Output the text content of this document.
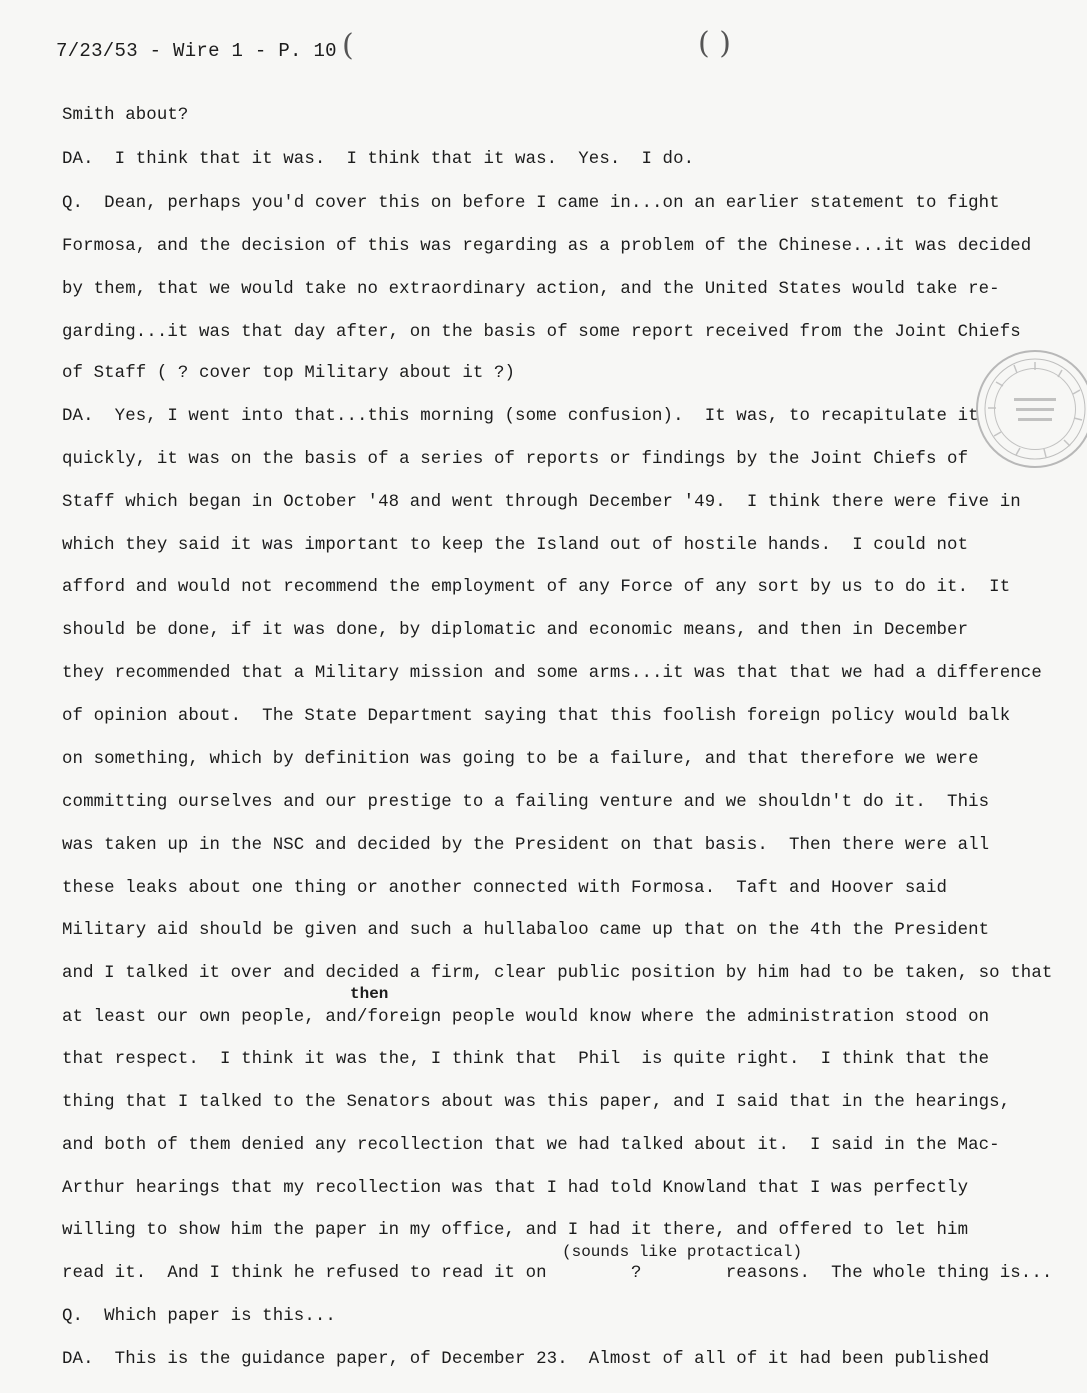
7/23/53 - Wire 1 - P. 10 (	( )
Smith about?
DA.  I think that it was.  I think that it was.  Yes.  I do.
Q.  Dean, perhaps you'd cover this on before I came in...on an earlier statement to fight
Formosa, and the decision of this was regarding as a problem of the Chinese...it was decided
by them, that we would take no extraordinary action, and the United States would take re-
garding...it was that day after, on the basis of some report received from the Joint Chiefs
of Staff ( ? cover top Military about it ?)
DA.  Yes, I went into that...this morning (some confusion).  It was, to recapitulate it
quickly, it was on the basis of a series of reports or findings by the Joint Chiefs of
Staff which began in October '48 and went through December '49.  I think there were five in
which they said it was important to keep the Island out of hostile hands.  I could not
afford and would not recommend the employment of any Force of any sort by us to do it.  It
should be done, if it was done, by diplomatic and economic means, and then in December
they recommended that a Military mission and some arms...it was that that we had a difference
of opinion about.  The State Department saying that this foolish foreign policy would balk
on something, which by definition was going to be a failure, and that therefore we were
committing ourselves and our prestige to a failing venture and we shouldn't do it.  This
was taken up in the NSC and decided by the President on that basis.  Then there were all
these leaks about one thing or another connected with Formosa.  Taft and Hoover said
Military aid should be given and such a hullabaloo came up that on the 4th the President
and I talked it over and decided a firm, clear public position by him had to be taken, so that
then
at least our own people, and/foreign people would know where the administration stood on
that respect.  I think it was the, I think that  Phil  is quite right.  I think that the
thing that I talked to the Senators about was this paper, and I said that in the hearings,
and both of them denied any recollection that we had talked about it.  I said in the Mac-
Arthur hearings that my recollection was that I had told Knowland that I was perfectly
willing to show him the paper in my office, and I had it there, and offered to let him
(sounds like protactical)
read it.  And I think he refused to read it on        ?        reasons.  The whole thing is...
Q.  Which paper is this...
DA.  This is the guidance paper, of December 23.  Almost of all of it had been published
